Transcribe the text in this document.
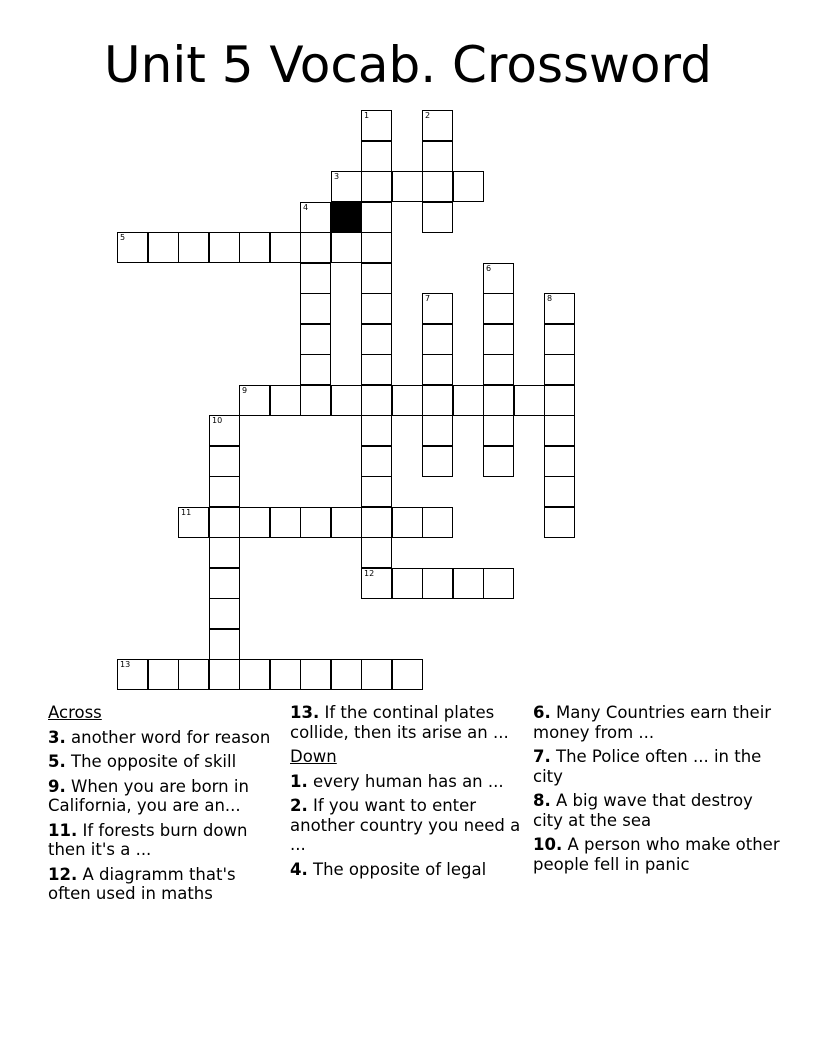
Unit 5 Vocab. Crossword
3
5
9
11
12
13
1	2
4
6
7	8
10
Across
3. another word for reason
5. The opposite of skill
9. When you are born in California, you are an...
11. If forests burn down then it's a ...
12. A diagramm that's often used in maths
13. If the continal plates collide, then its arise an ...
Down
1. every human has an ...
2. If you want to enter another country you need a ...
4. The opposite of legal
6. Many Countries earn their money from ...
7. The Police often ... in the city
8. A big wave that destroy city at the sea
10. A person who make other people fell in panic
